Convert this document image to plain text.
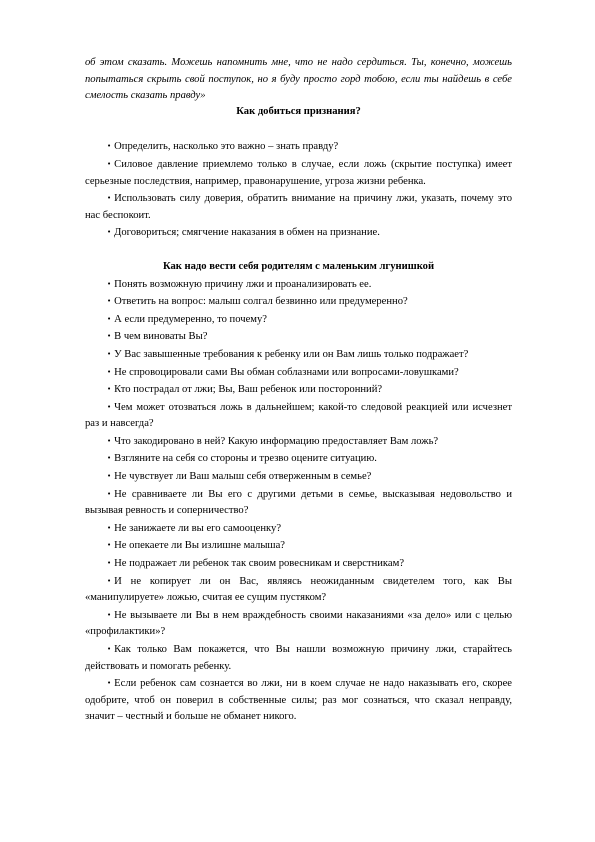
об этом сказать. Можешь напомнить мне, что не надо сердиться. Ты, конечно, можешь попытаться скрыть свой поступок, но я буду просто горд тобою, если ты найдешь в себе смелость сказать правду»

Как добиться признания?

• Определить, насколько это важно – знать правду?

• Силовое давление приемлемо только в случае, если ложь (скрытие поступка) имеет серьезные последствия, например, правонарушение, угроза жизни ребенка.

• Использовать силу доверия, обратить внимание на причину лжи, указать, почему это нас беспокоит.

• Договориться; смягчение наказания в обмен на признание.

Как надо вести себя родителям с маленьким лгунишкой

• Понять возможную причину лжи и проанализировать ее.

• Ответить на вопрос: малыш солгал безвинно или предумеренно?

• А если предумеренно, то почему?

• В чем виноваты Вы?

• У Вас завышенные требования к ребенку или он Вам лишь только подражает?

• Не спровоцировали сами Вы обман соблазнами или вопросами-ловушками?

• Кто пострадал от лжи; Вы, Ваш ребенок или посторонний?

• Чем может отозваться ложь в дальнейшем; какой-то следовой реакцией или исчезнет раз и навсегда?

• Что закодировано в ней? Какую информацию предоставляет Вам ложь?

• Взгляните на себя со стороны и трезво оцените ситуацию.

• Не чувствует ли Ваш малыш себя отверженным в семье?

• Не сравниваете ли Вы его с другими детьми в семье, высказывая недовольство и вызывая ревность и соперничество?

• Не занижаете ли вы его самооценку?

• Не опекаете ли Вы излишне малыша?

• Не подражает ли ребенок так своим ровесникам и сверстникам?

• И не копирует ли он Вас, являясь неожиданным свидетелем того, как Вы «манипулируете» ложью, считая ее сущим пустяком?

• Не вызываете ли Вы в нем враждебность своими наказаниями «за дело» или с целью «профилактики»?

• Как только Вам покажется, что Вы нашли возможную причину лжи, старайтесь действовать и помогать ребенку.

• Если ребенок сам сознается во лжи, ни в коем случае не надо наказывать его, скорее одобрите, чтоб он поверил в собственные силы; раз мог сознаться, что сказал неправду, значит – честный и больше не обманет никого.
